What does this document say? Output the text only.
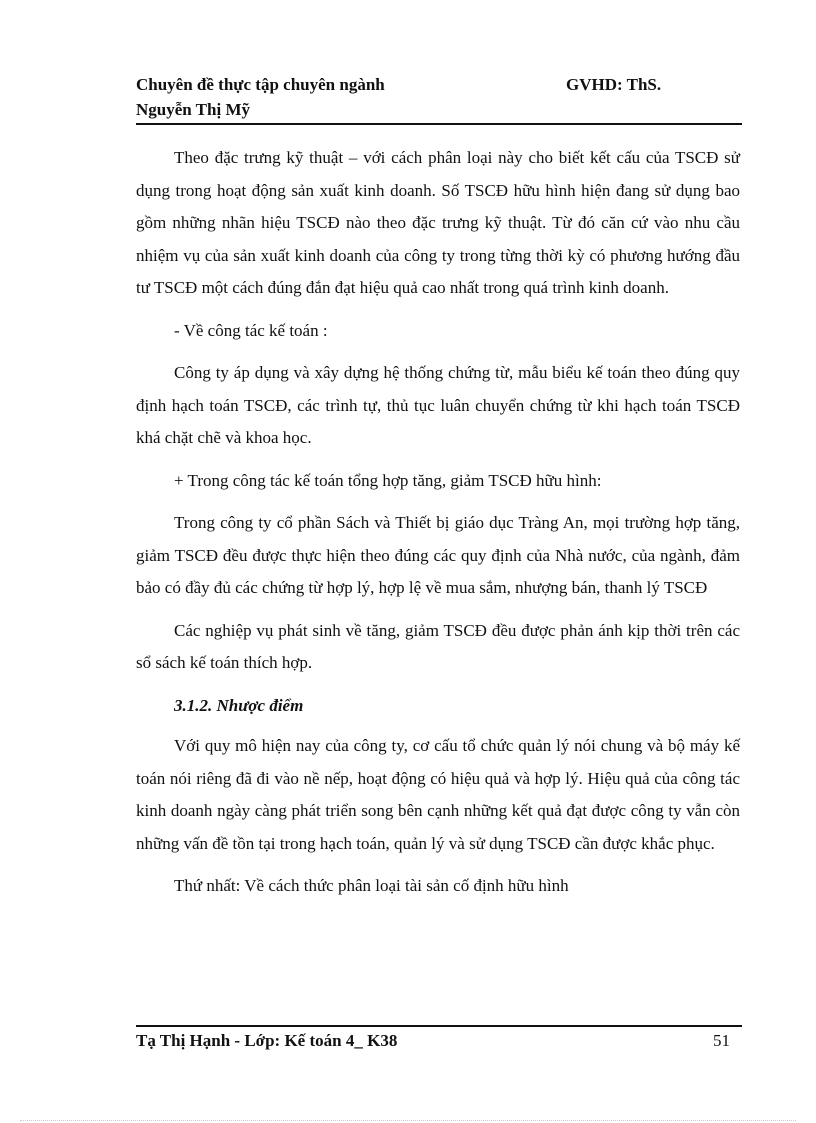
Chuyên đề thực tập chuyên ngành	GVHD: ThS.
Nguyễn Thị Mỹ

Theo đặc trưng kỹ thuật – với cách phân loại này cho biết kết cấu của TSCĐ sử dụng trong hoạt động sản xuất kinh doanh. Số TSCĐ hữu hình hiện đang sử dụng bao gồm những nhãn hiệu TSCĐ nào theo đặc trưng kỹ thuật. Từ đó căn cứ vào nhu cầu nhiệm vụ của sản xuất kinh doanh của công ty trong từng thời kỳ có phương hướng đầu tư TSCĐ một cách đúng đắn đạt hiệu quả cao nhất trong quá trình kinh doanh.

- Về công tác kế toán :

Công ty áp dụng và xây dựng hệ thống chứng từ, mẫu biểu kế toán theo đúng quy định hạch toán TSCĐ, các trình tự, thủ tục luân chuyển chứng từ khi hạch toán TSCĐ khá chặt chẽ và khoa học.

+ Trong công tác kế toán tổng hợp tăng, giảm TSCĐ hữu hình:

Trong công ty cổ phần Sách và Thiết bị giáo dục Tràng An, mọi trường hợp tăng, giảm TSCĐ đều được thực hiện theo đúng các quy định của Nhà nước, của ngành, đảm bảo có đầy đủ các chứng từ hợp lý, hợp lệ về mua sắm, nhượng bán, thanh lý TSCĐ

Các nghiệp vụ phát sinh về tăng, giảm TSCĐ đều được phản ánh kịp thời trên các sổ sách kế toán thích hợp.

3.1.2. Nhược điểm

Với quy mô hiện nay của công ty, cơ cấu tổ chức quản lý nói chung và bộ máy kế toán nói riêng đã đi vào nề nếp, hoạt động có hiệu quả và hợp lý. Hiệu quả của công tác kinh doanh ngày càng phát triển song bên cạnh những kết quả đạt được công ty vẫn còn những vấn đề tồn tại trong hạch toán, quản lý và sử dụng TSCĐ cần được khắc phục.

Thứ nhất: Về cách thức phân loại tài sản cố định hữu hình

Tạ Thị Hạnh - Lớp: Kế toán 4_ K38	51
